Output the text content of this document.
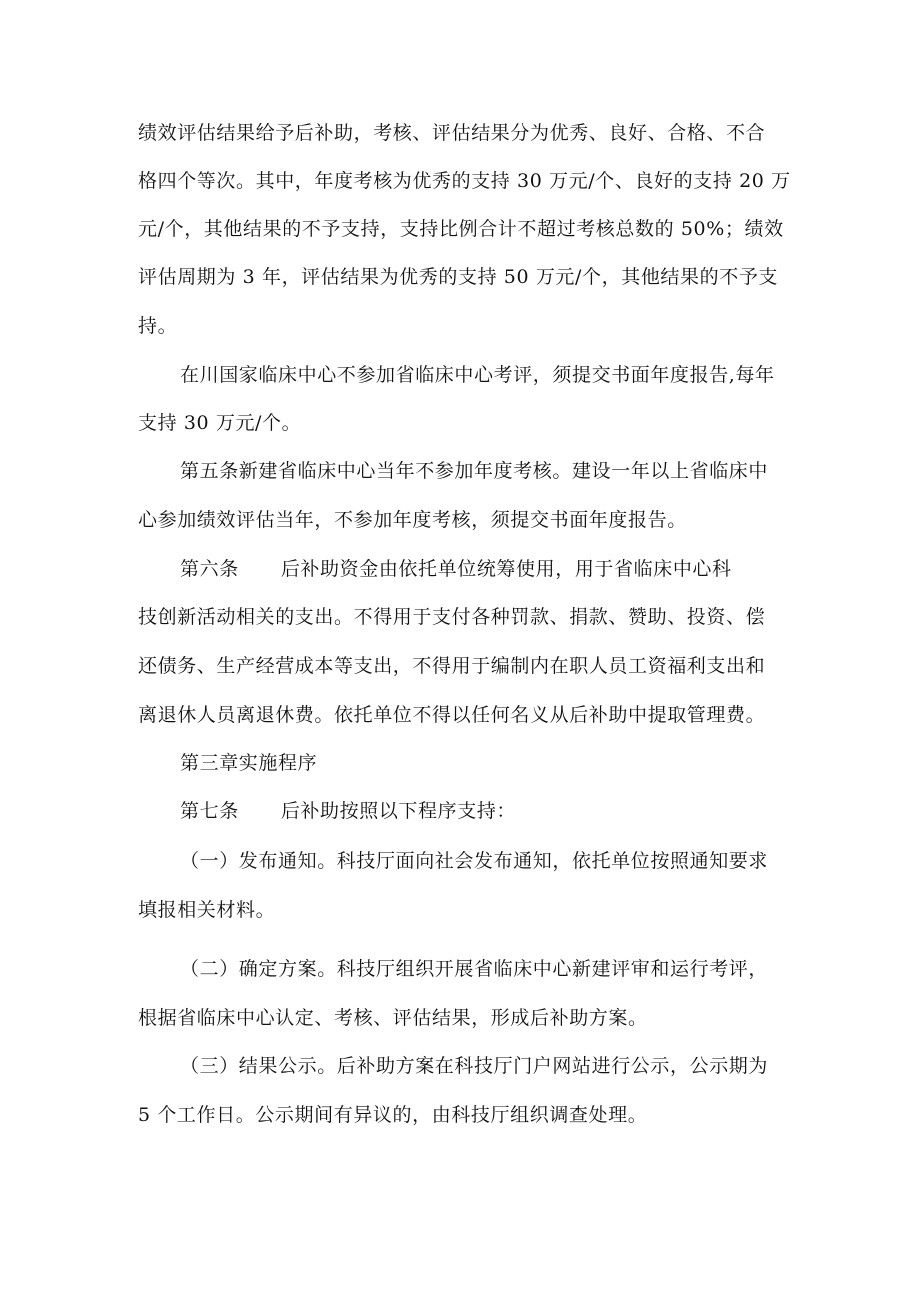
绩效评估结果给予后补助，考核、评估结果分为优秀、良好、合格、不合
格四个等次。其中，年度考核为优秀的支持 30 万元/个、良好的支持 20 万
元/个，其他结果的不予支持，支持比例合计不超过考核总数的 50%；绩效
评估周期为 3 年，评估结果为优秀的支持 50 万元/个，其他结果的不予支
持。
在川国家临床中心不参加省临床中心考评，须提交书面年度报告,每年
支持 30 万元/个。
第五条新建省临床中心当年不参加年度考核。建设一年以上省临床中
心参加绩效评估当年，不参加年度考核，须提交书面年度报告。
第六条 后补助资金由依托单位统筹使用，用于省临床中心科
技创新活动相关的支出。不得用于支付各种罚款、捐款、赞助、投资、偿
还债务、生产经营成本等支出，不得用于编制内在职人员工资福利支出和
离退休人员离退休费。依托单位不得以任何名义从后补助中提取管理费。
第三章实施程序
第七条 后补助按照以下程序支持：
（一）发布通知。科技厅面向社会发布通知，依托单位按照通知要求
填报相关材料。
（二）确定方案。科技厅组织开展省临床中心新建评审和运行考评，
根据省临床中心认定、考核、评估结果，形成后补助方案。
（三）结果公示。后补助方案在科技厅门户网站进行公示，公示期为
5 个工作日。公示期间有异议的，由科技厅组织调查处理。
